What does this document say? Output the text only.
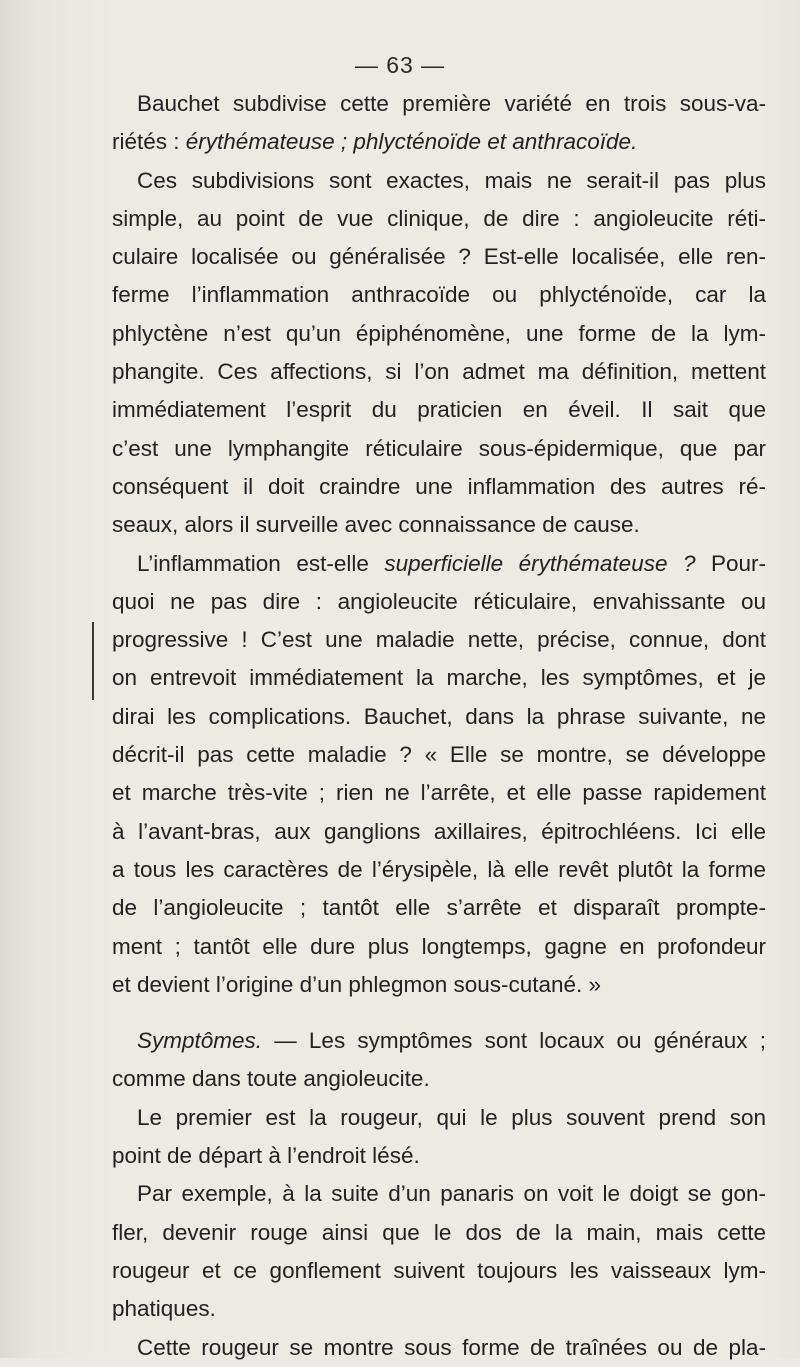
— 63 —
Bauchet subdivise cette première variété en trois sous-va-
riétés : érythémateuse ; phlycténoïde et anthracoïde.
Ces subdivisions sont exactes, mais ne serait-il pas plus
simple, au point de vue clinique, de dire : angioleucite réti-
culaire localisée ou généralisée ? Est-elle localisée, elle ren-
ferme l’inflammation anthracoïde ou phlycténoïde, car la
phlyctène n’est qu’un épiphénomène, une forme de la lym-
phangite. Ces affections, si l’on admet ma définition, mettent
immédiatement l’esprit du praticien en éveil. Il sait que
c’est une lymphangite réticulaire sous-épidermique, que par
conséquent il doit craindre une inflammation des autres ré-
seaux, alors il surveille avec connaissance de cause.
L’inflammation est-elle superficielle érythémateuse ? Pour-
quoi ne pas dire : angioleucite réticulaire, envahissante ou
progressive ! C’est une maladie nette, précise, connue, dont
on entrevoit immédiatement la marche, les symptômes, et je
dirai les complications. Bauchet, dans la phrase suivante, ne
décrit-il pas cette maladie ? « Elle se montre, se développe
et marche très-vite ; rien ne l’arrête, et elle passe rapidement
à l’avant-bras, aux ganglions axillaires, épitrochléens. Ici elle
a tous les caractères de l’érysipèle, là elle revêt plutôt la forme
de l’angioleucite ; tantôt elle s’arrête et disparaît prompte-
ment ; tantôt elle dure plus longtemps, gagne en profondeur
et devient l’origine d’un phlegmon sous-cutané. »
Symptômes. — Les symptômes sont locaux ou généraux ;
comme dans toute angioleucite.
Le premier est la rougeur, qui le plus souvent prend son
point de départ à l’endroit lésé.
Par exemple, à la suite d’un panaris on voit le doigt se gon-
fler, devenir rouge ainsi que le dos de la main, mais cette
rougeur et ce gonflement suivent toujours les vaisseaux lym-
phatiques.
Cette rougeur se montre sous forme de traînées ou de pla-
